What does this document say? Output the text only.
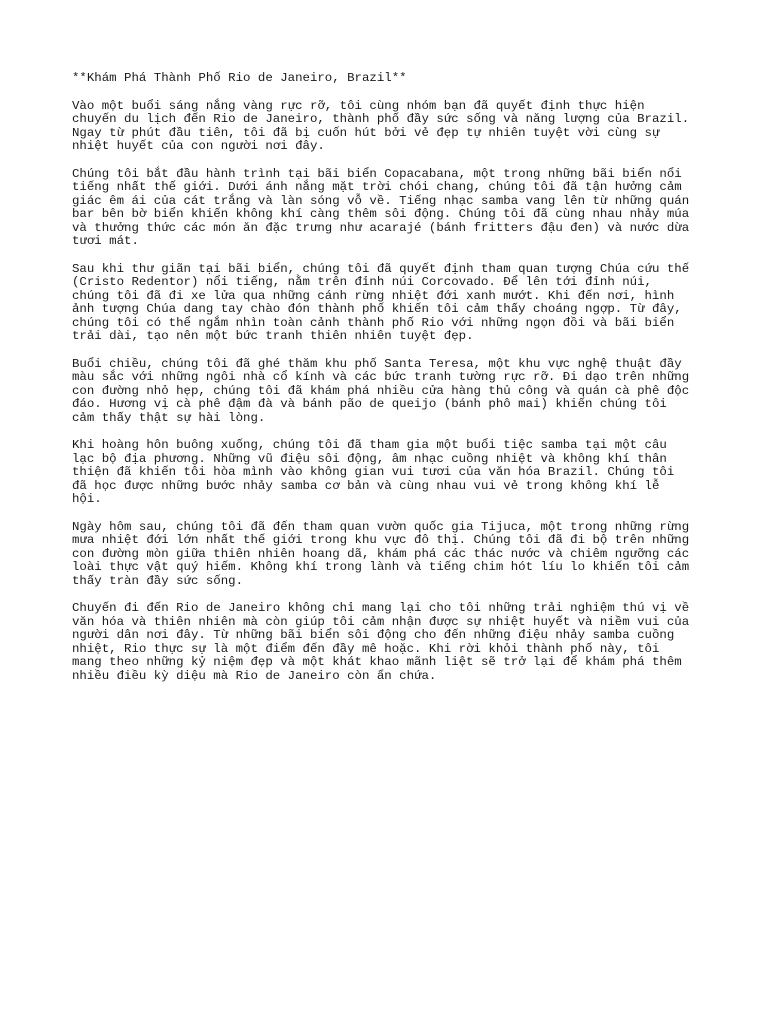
**Khám Phá Thành Phố Rio de Janeiro, Brazil**

Vào một buổi sáng nắng vàng rực rỡ, tôi cùng nhóm bạn đã quyết định thực hiện
chuyến du lịch đến Rio de Janeiro, thành phố đầy sức sống và năng lượng của Brazil.
Ngay từ phút đầu tiên, tôi đã bị cuốn hút bởi vẻ đẹp tự nhiên tuyệt vời cùng sự
nhiệt huyết của con người nơi đây.

Chúng tôi bắt đầu hành trình tại bãi biển Copacabana, một trong những bãi biển nổi
tiếng nhất thế giới. Dưới ánh nắng mặt trời chói chang, chúng tôi đã tận hưởng cảm
giác êm ái của cát trắng và làn sóng vỗ về. Tiếng nhạc samba vang lên từ những quán
bar bên bờ biển khiến không khí càng thêm sôi động. Chúng tôi đã cùng nhau nhảy múa
và thưởng thức các món ăn đặc trưng như acarajé (bánh fritters đậu đen) và nước dừa
tươi mát.

Sau khi thư giãn tại bãi biển, chúng tôi đã quyết định tham quan tượng Chúa cứu thế
(Cristo Redentor) nổi tiếng, nằm trên đỉnh núi Corcovado. Để lên tới đỉnh núi,
chúng tôi đã đi xe lửa qua những cánh rừng nhiệt đới xanh mướt. Khi đến nơi, hình
ảnh tượng Chúa dang tay chào đón thành phố khiến tôi cảm thấy choáng ngợp. Từ đây,
chúng tôi có thể ngắm nhìn toàn cảnh thành phố Rio với những ngọn đồi và bãi biển
trải dài, tạo nên một bức tranh thiên nhiên tuyệt đẹp.

Buổi chiều, chúng tôi đã ghé thăm khu phố Santa Teresa, một khu vực nghệ thuật đầy
màu sắc với những ngôi nhà cổ kính và các bức tranh tường rực rỡ. Đi dạo trên những
con đường nhỏ hẹp, chúng tôi đã khám phá nhiều cửa hàng thủ công và quán cà phê độc
đáo. Hương vị cà phê đậm đà và bánh pão de queijo (bánh phô mai) khiến chúng tôi
cảm thấy thật sự hài lòng.

Khi hoàng hôn buông xuống, chúng tôi đã tham gia một buổi tiệc samba tại một câu
lạc bộ địa phương. Những vũ điệu sôi động, âm nhạc cuồng nhiệt và không khí thân
thiện đã khiến tôi hòa mình vào không gian vui tươi của văn hóa Brazil. Chúng tôi
đã học được những bước nhảy samba cơ bản và cùng nhau vui vẻ trong không khí lễ
hội.

Ngày hôm sau, chúng tôi đã đến tham quan vườn quốc gia Tijuca, một trong những rừng
mưa nhiệt đới lớn nhất thế giới trong khu vực đô thị. Chúng tôi đã đi bộ trên những
con đường mòn giữa thiên nhiên hoang dã, khám phá các thác nước và chiêm ngưỡng các
loài thực vật quý hiếm. Không khí trong lành và tiếng chim hót líu lo khiến tôi cảm
thấy tràn đầy sức sống.

Chuyến đi đến Rio de Janeiro không chỉ mang lại cho tôi những trải nghiệm thú vị về
văn hóa và thiên nhiên mà còn giúp tôi cảm nhận được sự nhiệt huyết và niềm vui của
người dân nơi đây. Từ những bãi biển sôi động cho đến những điệu nhảy samba cuồng
nhiệt, Rio thực sự là một điểm đến đầy mê hoặc. Khi rời khỏi thành phố này, tôi
mang theo những kỷ niệm đẹp và một khát khao mãnh liệt sẽ trở lại để khám phá thêm
nhiều điều kỳ diệu mà Rio de Janeiro còn ẩn chứa.
